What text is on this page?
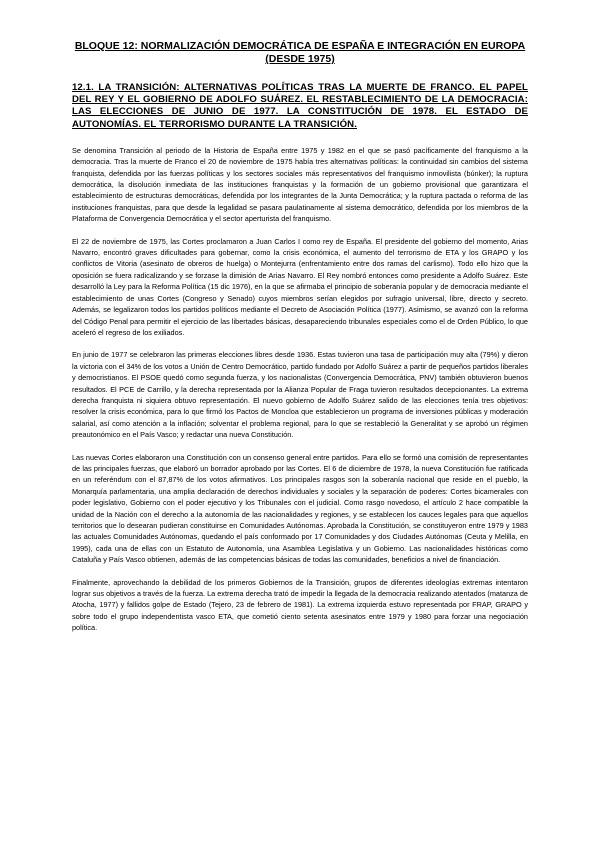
BLOQUE 12: NORMALIZACIÓN DEMOCRÁTICA DE ESPAÑA E INTEGRACIÓN EN EUROPA (DESDE 1975)
12.1. LA TRANSICIÓN: ALTERNATIVAS POLÍTICAS TRAS LA MUERTE DE FRANCO. EL PAPEL DEL REY Y EL GOBIERNO DE ADOLFO SUÁREZ. EL RESTABLECIMIENTO DE LA DEMOCRACIA: LAS ELECCIONES DE JUNIO DE 1977. LA CONSTITUCIÓN DE 1978. EL ESTADO DE AUTONOMÍAS. EL TERRORISMO DURANTE LA TRANSICIÓN.

Se denomina Transición al periodo de la Historia de España entre 1975 y 1982 en el que se pasó pacíficamente del franquismo a la democracia. Tras la muerte de Franco el 20 de noviembre de 1975 había tres alternativas políticas: la continuidad sin cambios del sistema franquista, defendida por las fuerzas políticas y los sectores sociales más representativos del franquismo inmovilista (búnker); la ruptura democrática, la disolución inmediata de las instituciones franquistas y la formación de un gobierno provisional que garantizara el establecimiento de estructuras democráticas, defendida por los integrantes de la Junta Democrática; y la ruptura pactada o reforma de las instituciones franquistas, para que desde la legalidad se pasara paulatinamente al sistema democrático, defendida por los miembros de la Plataforma de Convergencia Democrática y el sector aperturista del franquismo.

El 22 de noviembre de 1975, las Cortes proclamaron a Juan Carlos I como rey de España. El presidente del gobierno del momento, Arias Navarro, encontró graves dificultades para gobernar, como la crisis económica, el aumento del terrorismo de ETA y los GRAPO y los conflictos de Vitoria (asesinato de obreros de huelga) o Montejurra (enfrentamiento entre dos ramas del carlismo). Todo ello hizo que la oposición se fuera radicalizando y se forzase la dimisión de Arias Navarro. El Rey nombró entonces como presidente a Adolfo Suárez. Este desarrolló la Ley para la Reforma Política (15 dic 1976), en la que se afirmaba el principio de soberanía popular y de democracia mediante el establecimiento de unas Cortes (Congreso y Senado) cuyos miembros serían elegidos por sufragio universal, libre, directo y secreto. Además, se legalizaron todos los partidos políticos mediante el Decreto de Asociación Política (1977). Asimismo, se avanzó con la reforma del Código Penal para permitir el ejercicio de las libertades básicas, desapareciendo tribunales especiales como el de Orden Público, lo que aceleró el regreso de los exiliados.

En junio de 1977 se celebraron las primeras elecciones libres desde 1936. Estas tuvieron una tasa de participación muy alta (79%) y dieron la victoria con el 34% de los votos a Unión de Centro Democrático, partido fundado por Adolfo Suárez a partir de pequeños partidos liberales y democristianos. El PSOE quedó como segunda fuerza, y los nacionalistas (Convergencia Democrática, PNV) también obtuvieron buenos resultados. El PCE de Carrillo, y la derecha representada por la Alianza Popular de Fraga tuvieron resultados decepcionantes. La extrema derecha franquista ni siquiera obtuvo representación. El nuevo gobierno de Adolfo Suárez salido de las elecciones tenía tres objetivos: resolver la crisis económica, para lo que firmó los Pactos de Moncloa que establecieron un programa de inversiones públicas y moderación salarial, así como atención a la inflación; solventar el problema regional, para lo que se restableció la Generalitat y se aprobó un régimen preautonómico en el País Vasco; y redactar una nueva Constitución.

Las nuevas Cortes elaboraron una Constitución con un consenso general entre partidos. Para ello se formó una comisión de representantes de las principales fuerzas, que elaboró un borrador aprobado por las Cortes. El 6 de diciembre de 1978, la nueva Constitución fue ratificada en un referéndum con el 87,87% de los votos afirmativos. Los principales rasgos son la soberanía nacional que reside en el pueblo, la Monarquía parlamentaria, una amplia declaración de derechos individuales y sociales y la separación de poderes: Cortes bicamerales con poder legislativo, Gobierno con el poder ejecutivo y los Tribunales con el judicial. Como rasgo novedoso, el artículo 2 hace compatible la unidad de la Nación con el derecho a la autonomía de las nacionalidades y regiones, y se establecen los cauces legales para que aquellos territorios que lo desearan pudieran constituirse en Comunidades Autónomas. Aprobada la Constitución, se constituyeron entre 1979 y 1983 las actuales Comunidades Autónomas, quedando el país conformado por 17 Comunidades y dos Ciudades Autónomas (Ceuta y Melilla, en 1995), cada una de ellas con un Estatuto de Autonomía, una Asamblea Legislativa y un Gobierno. Las nacionalidades históricas como Cataluña y País Vasco obtienen, además de las competencias básicas de todas las comunidades, beneficios a nivel de financiación.

Finalmente, aprovechando la debilidad de los primeros Gobiernos de la Transición, grupos de diferentes ideologías extremas intentaron lograr sus objetivos a través de la fuerza. La extrema derecha trató de impedir la llegada de la democracia realizando atentados (matanza de Atocha, 1977) y fallidos golpe de Estado (Tejero, 23 de febrero de 1981). La extrema izquierda estuvo representada por FRAP, GRAPO y sobre todo el grupo independentista vasco ETA, que cometió ciento setenta asesinatos entre 1979 y 1980 para forzar una negociación política.
